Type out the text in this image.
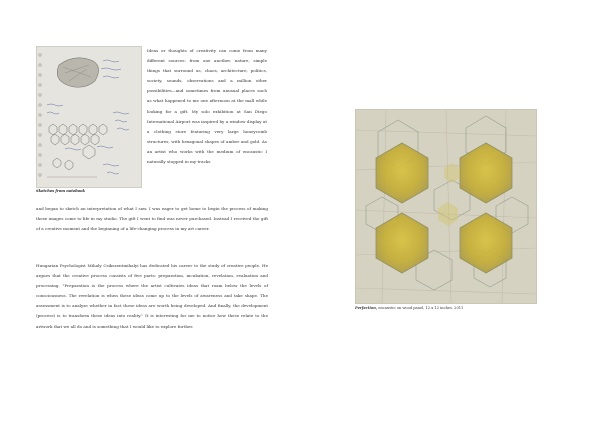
Sketches from notebook

Ideas or thoughts of creativity can come from many different sources: from one another, nature, simple things that surround us, chaos, architecture, politics, society, sounds, observations and a million other possibilities—and sometimes from unusual places such as what happened to me one afternoon at the mall while looking for a gift. My solo exhibition at San Diego International Airport was inspired by a window display at a clothing store featuring very large honeycomb structures, with hexagonal shapes of amber and gold. As an artist who works with the medium of encaustic I naturally stopped in my tracks

and began to sketch an interpretation of what I saw. I was eager to get home to begin the process of making these images come to life in my studio. The gift I went to find was never purchased. Instead I received the gift of a creative moment and the beginning of a life-changing process in my art career.

Hungarian Psychologist Mihaly Csikszentmihalyi has dedicated his career to the study of creative people. He argues that the creative process consists of five parts: preparation, incubation, revelation, evaluation and processing. "Preparation is the process where the artist cultivates ideas that roam below the levels of consciousness. The revelation is when these ideas come up to the levels of awareness and take shape. The assessment is to analyze whether in fact these ideas are worth being developed. And finally, the development (process) is to transform these ideas into reality." It is interesting for me to notice how these relate to the artwork that we all do and is something that I would like to explore further.

Perfection, encaustic on wood panel, 12 x 12 inches, 2011
